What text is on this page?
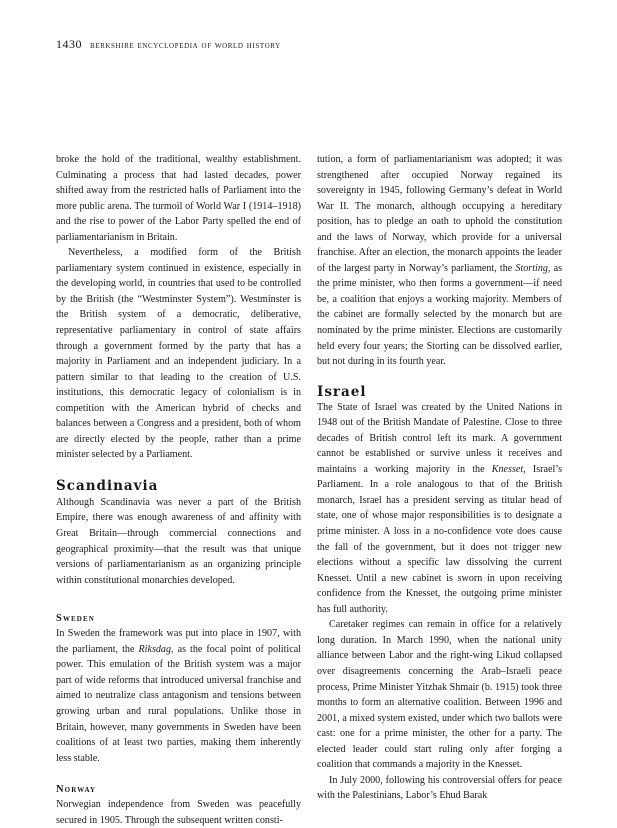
1430 berkshire encyclopedia of world history

broke the hold of the traditional, wealthy establishment. Culminating a process that had lasted decades, power shifted away from the restricted halls of Parliament into the more public arena. The turmoil of World War I (1914–1918) and the rise to power of the Labor Party spelled the end of parliamentarianism in Britain.

Nevertheless, a modified form of the British parliamentary system continued in existence, especially in the developing world, in countries that used to be controlled by the British (the “Westminster System”). Westminster is the British system of a democratic, deliberative, representative parliamentary in control of state affairs through a government formed by the party that has a majority in Parliament and an independent judiciary. In a pattern similar to that leading to the creation of U.S. institutions, this democratic legacy of colonialism is in competition with the American hybrid of checks and balances between a Congress and a president, both of whom are directly elected by the people, rather than a prime minister selected by a Parliament.

Scandinavia

Although Scandinavia was never a part of the British Empire, there was enough awareness of and affinity with Great Britain—through commercial connections and geographical proximity—that the result was that unique versions of parliamentarianism as an organizing principle within constitutional monarchies developed.

Sweden

In Sweden the framework was put into place in 1907, with the parliament, the Riksdag, as the focal point of political power. This emulation of the British system was a major part of wide reforms that introduced universal franchise and aimed to neutralize class antagonism and tensions between growing urban and rural populations. Unlike those in Britain, however, many governments in Sweden have been coalitions of at least two parties, making them inherently less stable.

Norway

Norwegian independence from Sweden was peacefully secured in 1905. Through the subsequent written consti-

tution, a form of parliamentarianism was adopted; it was strengthened after occupied Norway regained its sovereignty in 1945, following Germany’s defeat in World War II. The monarch, although occupying a hereditary position, has to pledge an oath to uphold the constitution and the laws of Norway, which provide for a universal franchise. After an election, the monarch appoints the leader of the largest party in Norway’s parliament, the Storting, as the prime minister, who then forms a government—if need be, a coalition that enjoys a working majority. Members of the cabinet are formally selected by the monarch but are nominated by the prime minister. Elections are customarily held every four years; the Storting can be dissolved earlier, but not during in its fourth year.

Israel

The State of Israel was created by the United Nations in 1948 out of the British Mandate of Palestine. Close to three decades of British control left its mark. A government cannot be established or survive unless it receives and maintains a working majority in the Knesset, Israel’s Parliament. In a role analogous to that of the British monarch, Israel has a president serving as titular head of state, one of whose major responsibilities is to designate a prime minister. A loss in a no-confidence vote does cause the fall of the government, but it does not trigger new elections without a specific law dissolving the current Knesset. Until a new cabinet is sworn in upon receiving confidence from the Knesset, the outgoing prime minister has full authority.

Caretaker regimes can remain in office for a relatively long duration. In March 1990, when the national unity alliance between Labor and the right-wing Likud collapsed over disagreements concerning the Arab–Israeli peace process, Prime Minister Yitzhak Shmair (b. 1915) took three months to form an alternative coalition. Between 1996 and 2001, a mixed system existed, under which two ballots were cast: one for a prime minister, the other for a party. The elected leader could start ruling only after forging a coalition that commands a majority in the Knesset.

In July 2000, following his controversial offers for peace with the Palestinians, Labor’s Ehud Barak
